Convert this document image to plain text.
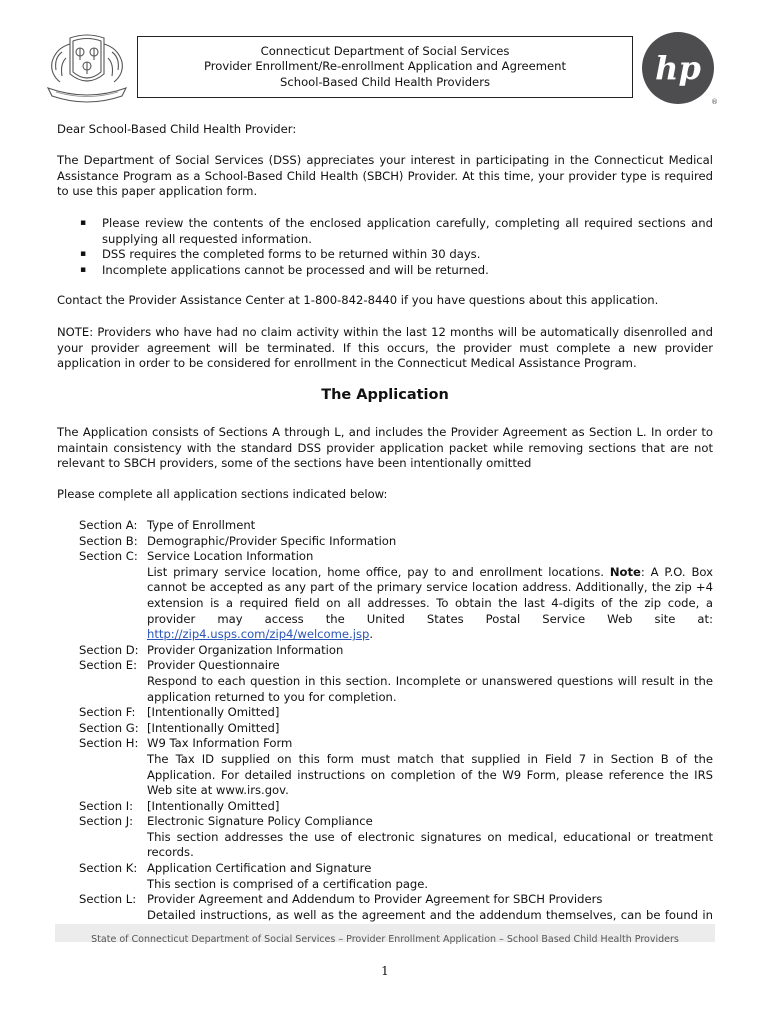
Connecticut Department of Social Services
Provider Enrollment/Re-enrollment Application and Agreement
School-Based Child Health Providers	hp
®
Dear School-Based Child Health Provider:
The Department of Social Services (DSS) appreciates your interest in participating in the Connecticut Medical Assistance Program as a School-Based Child Health (SBCH) Provider. At this time, your provider type is required to use this paper application form.
▪	Please review the contents of the enclosed application carefully, completing all required sections and supplying all requested information.
▪	DSS requires the completed forms to be returned within 30 days.
▪	Incomplete applications cannot be processed and will be returned.
Contact the Provider Assistance Center at 1-800-842-8440 if you have questions about this application.
NOTE: Providers who have had no claim activity within the last 12 months will be automatically disenrolled and your provider agreement will be terminated. If this occurs, the provider must complete a new provider application in order to be considered for enrollment in the Connecticut Medical Assistance Program.
The Application
The Application consists of Sections A through L, and includes the Provider Agreement as Section L. In order to maintain consistency with the standard DSS provider application packet while removing sections that are not relevant to SBCH providers, some of the sections have been intentionally omitted
Please complete all application sections indicated below:
Section A: Type of Enrollment
Section B: Demographic/Provider Specific Information
Section C: Service Location Information
List primary service location, home office, pay to and enrollment locations. Note: A P.O. Box cannot be accepted as any part of the primary service location address. Additionally, the zip +4 extension is a required field on all addresses. To obtain the last 4-digits of the zip code, a provider may access the United States Postal Service Web site at: http://zip4.usps.com/zip4/welcome.jsp.
Section D: Provider Organization Information
Section E: Provider Questionnaire
Respond to each question in this section. Incomplete or unanswered questions will result in the application returned to you for completion.
Section F: [Intentionally Omitted]
Section G: [Intentionally Omitted]
Section H: W9 Tax Information Form
The Tax ID supplied on this form must match that supplied in Field 7 in Section B of the Application. For detailed instructions on completion of the W9 Form, please reference the IRS Web site at www.irs.gov.
Section I:	[Intentionally Omitted]
Section J:	Electronic Signature Policy Compliance
This section addresses the use of electronic signatures on medical, educational or treatment records.
Section K: Application Certification and Signature
This section is comprised of a certification page.
Section L: Provider Agreement and Addendum to Provider Agreement for SBCH Providers
Detailed instructions, as well as the agreement and the addendum themselves, can be found in
State of Connecticut Department of Social Services – Provider Enrollment Application – School Based Child Health Providers
1
